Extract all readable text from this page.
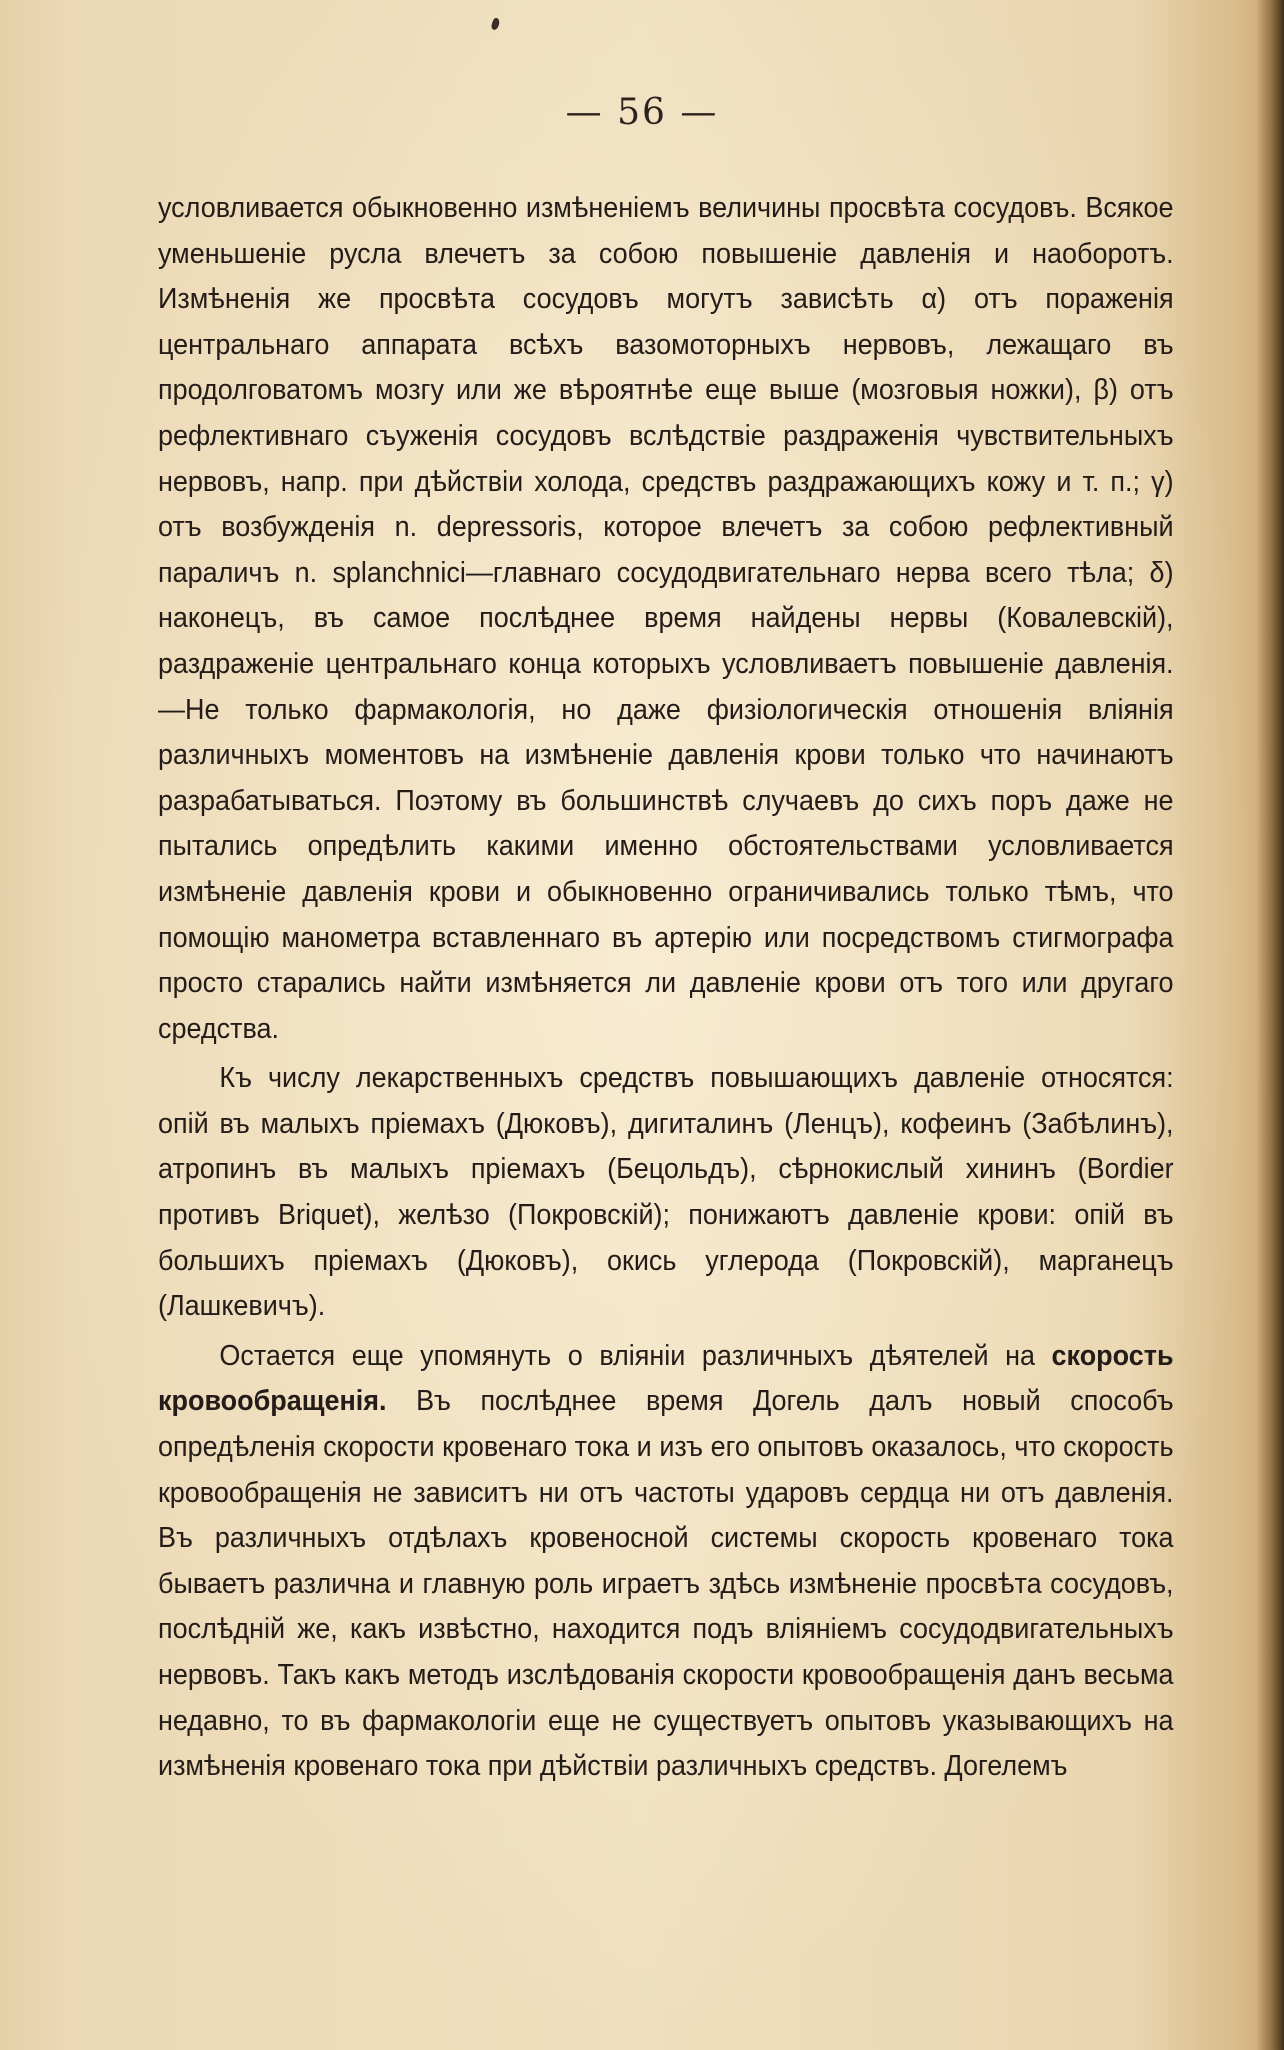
— 56 —

условливается обыкновенно измѣненіемъ величины просвѣта сосудовъ. Всякое уменьшеніе русла влечетъ за собою повышеніе давленія и наоборотъ. Измѣненія же просвѣта сосудовъ могутъ зависѣть α) отъ пораженія центральнаго аппарата всѣхъ вазомоторныхъ нервовъ, лежащаго въ продолговатомъ мозгу или же вѣроятнѣе еще выше (мозговыя ножки), β) отъ рефлективнаго съуженія сосудовъ вслѣдствіе раздраженія чувствительныхъ нервовъ, напр. при дѣйствіи холода, средствъ раздражающихъ кожу и т. п.; γ) отъ возбужденія n. depressoris, которое влечетъ за собою рефлективный параличъ n. splanchnici—главнаго сосудодвигательнаго нерва всего тѣла; δ) наконецъ, въ самое послѣднее время найдены нервы (Ковалевскій), раздраженіе центральнаго конца которыхъ условливаетъ повышеніе давленія.—Не только фармакологія, но даже физіологическія отношенія вліянія различныхъ моментовъ на измѣненіе давленія крови только что начинаютъ разрабатываться. Поэтому въ большинствѣ случаевъ до сихъ поръ даже не пытались опредѣлить какими именно обстоятельствами условливается измѣненіе давленія крови и обыкновенно ограничивались только тѣмъ, что помощію манометра вставленнаго въ артерію или посредствомъ стигмографа просто старались найти измѣняется ли давленіе крови отъ того или другаго средства.

Къ числу лекарственныхъ средствъ повышающихъ давленіе относятся: опій въ малыхъ пріемахъ (Дюковъ), дигиталинъ (Ленцъ), кофеинъ (Забѣлинъ), атропинъ въ малыхъ пріемахъ (Бецольдъ), сѣрнокислый хининъ (Bordier противъ Briquet), желѣзо (Покровскій); понижаютъ давленіе крови: опій въ большихъ пріемахъ (Дюковъ), окись углерода (Покровскій), марганецъ (Лашкевичъ).

Остается еще упомянуть о вліяніи различныхъ дѣятелей на скорость кровообращенія. Въ послѣднее время Догель далъ новый способъ опредѣленія скорости кровенаго тока и изъ его опытовъ оказалось, что скорость кровообращенія не зависитъ ни отъ частоты ударовъ сердца ни отъ давленія. Въ различныхъ отдѣлахъ кровеносной системы скорость кровенаго тока бываетъ различна и главную роль играетъ здѣсь измѣненіе просвѣта сосудовъ, послѣдній же, какъ извѣстно, находится подъ вліяніемъ сосудодвигательныхъ нервовъ. Такъ какъ методъ изслѣдованія скорости кровообращенія данъ весьма недавно, то въ фармакологіи еще не существуетъ опытовъ указывающихъ на измѣненія кровенаго тока при дѣйствіи различныхъ средствъ. Догелемъ
